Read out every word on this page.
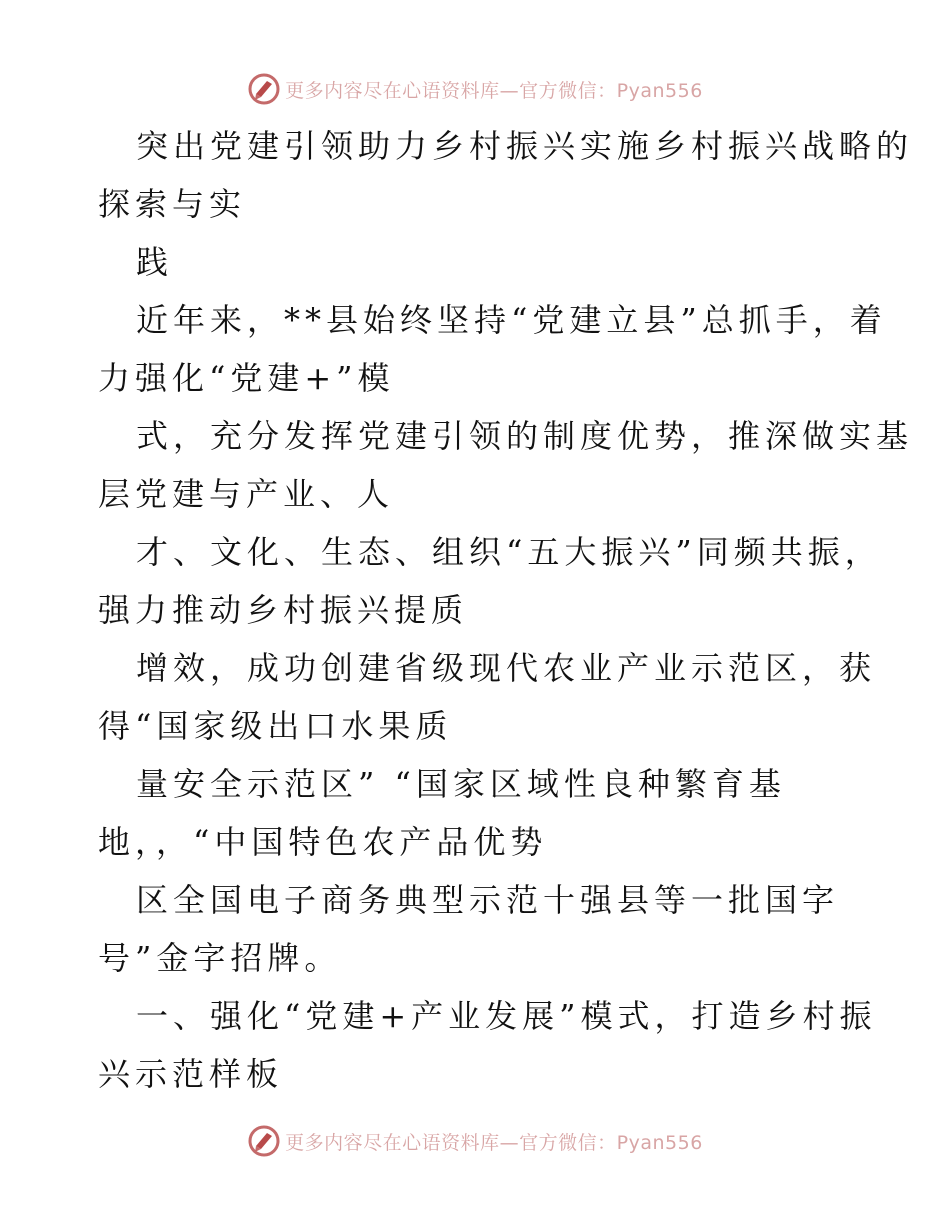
更多内容尽在心语资料库—官方微信：Pyan556
突出党建引领助力乡村振兴实施乡村振兴战略的
探索与实
践
近年来，**县始终坚持“党建立县”总抓手，着
力强化“党建+”模
式，充分发挥党建引领的制度优势，推深做实基
层党建与产业、人
才、文化、生态、组织“五大振兴”同频共振，
强力推动乡村振兴提质
增效，成功创建省级现代农业产业示范区，获
得“国家级出口水果质
量安全示范区” “国家区域性良种繁育基
地，，“中国特色农产品优势
区全国电子商务典型示范十强县等一批国字
号”金字招牌。
一、强化“党建+产业发展”模式，打造乡村振
兴示范样板
更多内容尽在心语资料库—官方微信：Pyan556
